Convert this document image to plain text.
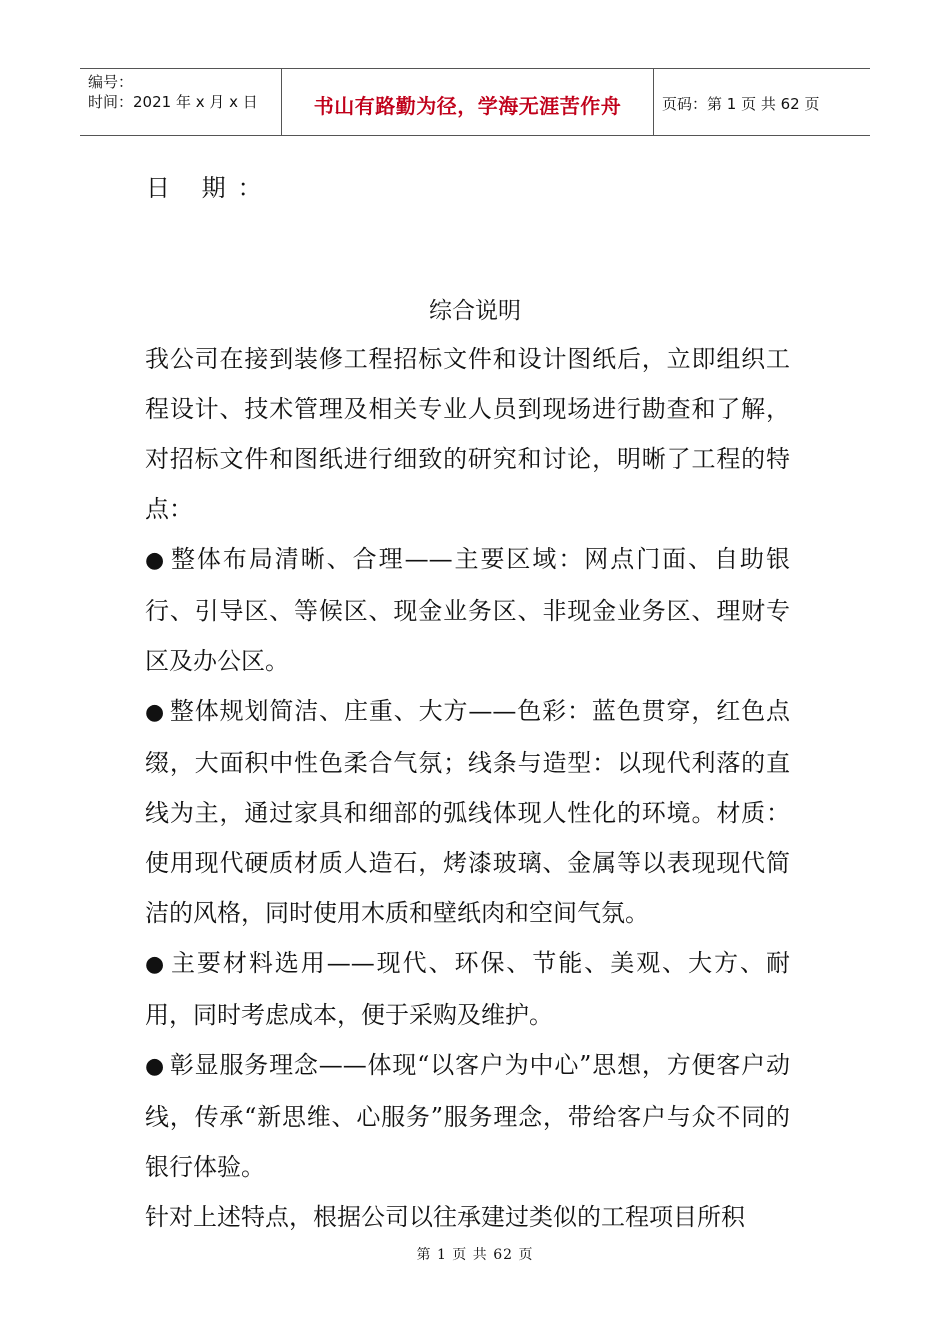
编号：
时间：2021 年 x 月 x 日	书山有路勤为径，学海无涯苦作舟	页码：第 1 页 共 62 页
日 期：
综合说明

我公司在接到装修工程招标文件和设计图纸后，立即组织工程设计、技术管理及相关专业人员到现场进行勘查和了解，对招标文件和图纸进行细致的研究和讨论，明晰了工程的特点：

● 整体布局清晰、合理——主要区域：网点门面、自助银行、引导区、等候区、现金业务区、非现金业务区、理财专区及办公区。

● 整体规划简洁、庄重、大方——色彩：蓝色贯穿，红色点缀，大面积中性色柔合气氛；线条与造型：以现代利落的直线为主，通过家具和细部的弧线体现人性化的环境。材质：使用现代硬质材质人造石，烤漆玻璃、金属等以表现现代简洁的风格，同时使用木质和壁纸肉和空间气氛。

● 主要材料选用——现代、环保、节能、美观、大方、耐用，同时考虑成本，便于采购及维护。

● 彰显服务理念——体现“以客户为中心”思想，方便客户动线，传承“新思维、心服务”服务理念，带给客户与众不同的银行体验。

针对上述特点，根据公司以往承建过类似的工程项目所积

第 1 页 共 62 页
